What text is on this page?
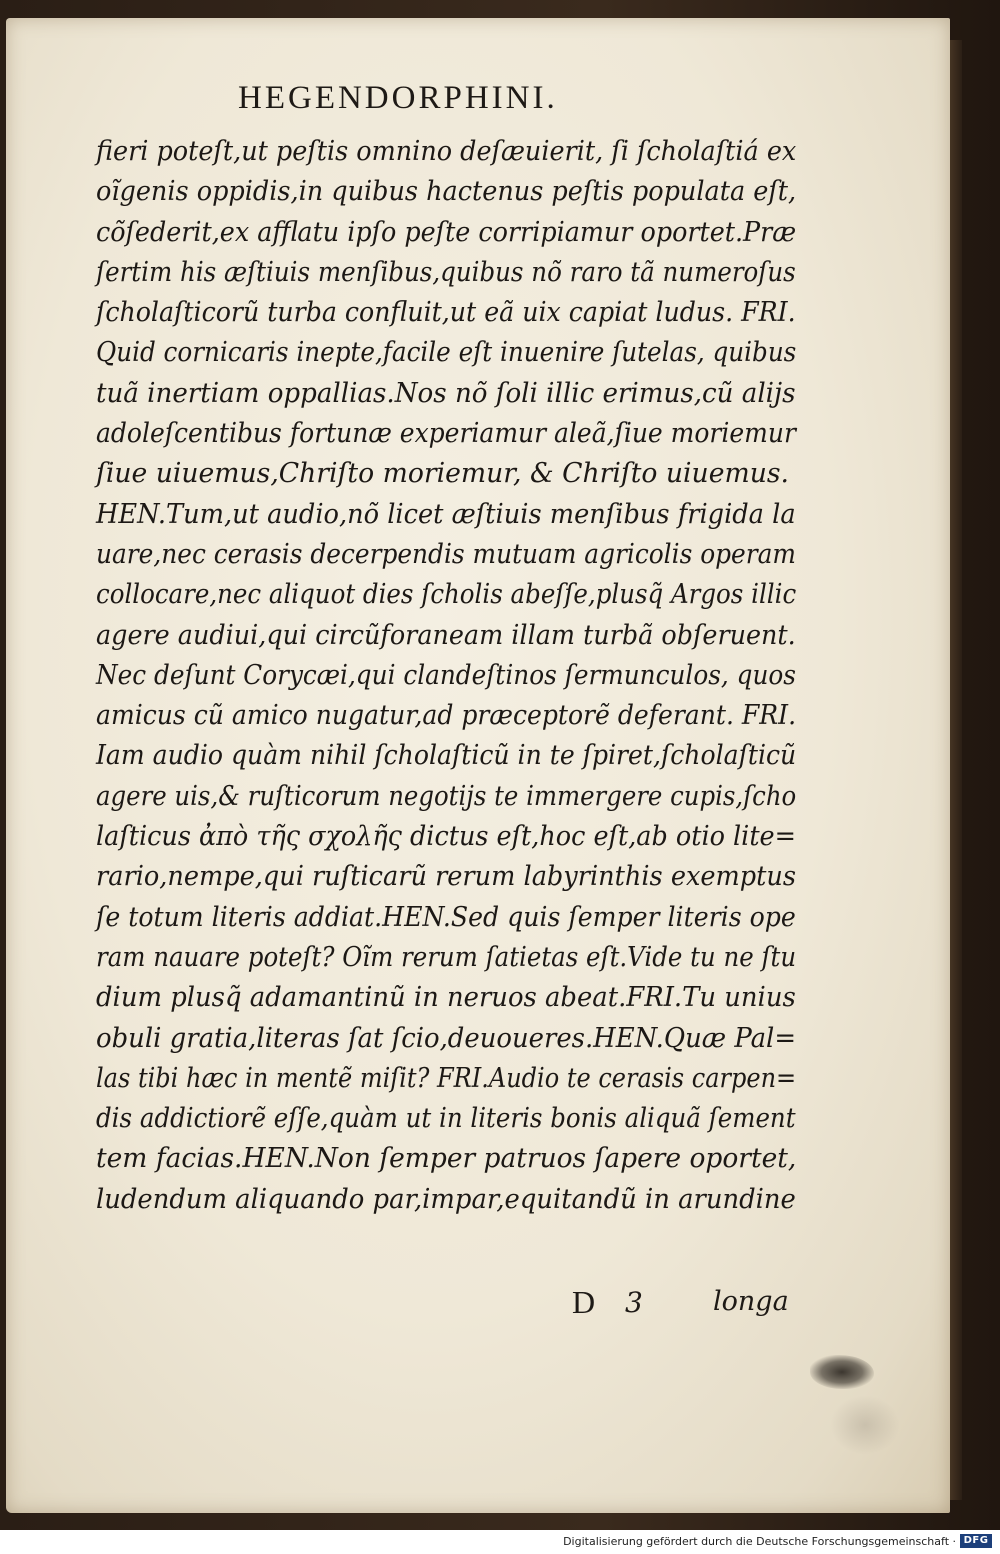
HEGENDORPHINI.
fieri poteſt,ut peſtis omnino deſæuierit, ſi ſcholaſtiá ex
oĩgenis oppidis,in quibus hactenus peſtis populata eſt,
cõſederit,ex afflatu ipſo peſte corripiamur oportet.Præ
ſertim his æſtiuis menſibus,quibus nõ raro tã numeroſus
ſcholaſticorũ turba confluit,ut eã uix capiat ludus. FRI.
Quid cornicaris inepte,facile eſt inuenire ſutelas, quibus
tuã inertiam oppallias.Nos nõ ſoli illic erimus,cũ alijs
adoleſcentibus fortunæ experiamur aleã,ſiue moriemur
ſiue uiuemus,Chriſto moriemur, & Chriſto uiuemus.
HEN.Tum,ut audio,nõ licet æſtiuis menſibus frigida la
uare,nec cerasis decerpendis mutuam agricolis operam
collocare,nec aliquot dies ſcholis abeſſe,plusq̃ Argos illic
agere audiui,qui circũforaneam illam turbã obſeruent.
Nec deſunt Corycæi,qui clandeſtinos ſermunculos, quos
amicus cũ amico nugatur,ad præceptorẽ deferant. FRI.
Iam audio quàm nihil ſcholaſticũ in te ſpiret,ſcholaſticũ
agere uis,& ruſticorum negotijs te immergere cupis,ſcho
laſticus ἀπὸ τῆς σχολῆς dictus eſt,hoc eſt,ab otio lite=
rario,nempe,qui ruſticarũ rerum labyrinthis exemptus
ſe totum literis addiat.HEN.Sed quis ſemper literis ope
ram nauare poteſt? Oĩm rerum ſatietas eſt.Vide tu ne ſtu
dium plusq̃ adamantinũ in neruos abeat.FRI.Tu unius
obuli gratia,literas ſat ſcio,deuoueres.HEN.Quæ Pal=
las tibi hæc in mentẽ miſit? FRI.Audio te cerasis carpen=
dis addictiorẽ eſſe,quàm ut in literis bonis aliquã ſement
tem facias.HEN.Non ſemper patruos ſapere oportet,
ludendum aliquando par,impar,equitandũ in arundine
D 3	longa
Digitalisierung gefördert durch die Deutsche Forschungsgemeinschaft · DFG
